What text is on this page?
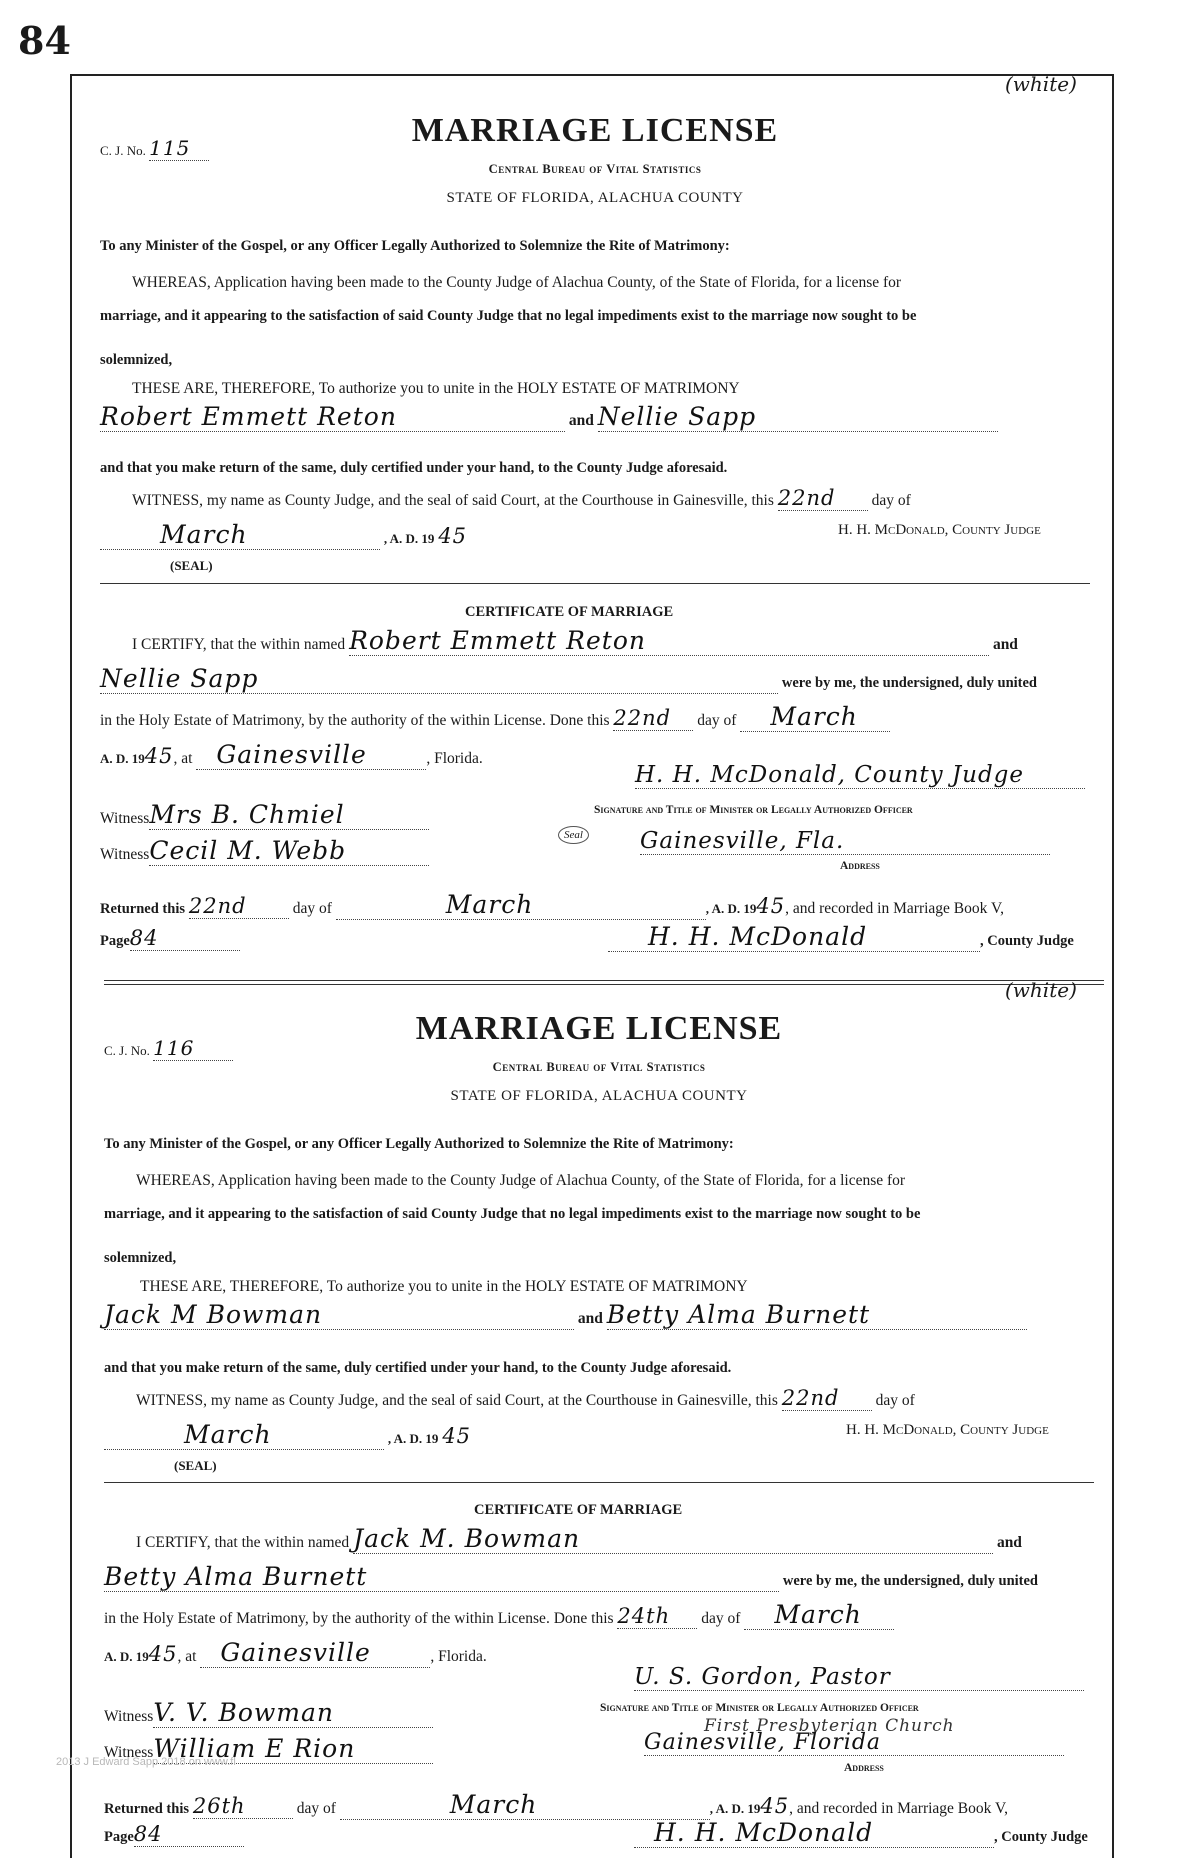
84
(white)
C. J. No. 115	MARRIAGE LICENSE
Central Bureau of Vital Statistics
STATE OF FLORIDA, ALACHUA COUNTY
To any Minister of the Gospel, or any Officer Legally Authorized to Solemnize the Rite of Matrimony:
WHEREAS, Application having been made to the County Judge of Alachua County, of the State of Florida, for a license for
marriage, and it appearing to the satisfaction of said County Judge that no legal impediments exist to the marriage now sought to be
solemnized,
THESE ARE, THEREFORE, To authorize you to unite in the HOLY ESTATE OF MATRIMONY
Robert Emmett Reton	and Nellie Sapp
and that you make return of the same, duly certified under your hand, to the County Judge aforesaid.
WITNESS, my name as County Judge, and the seal of said Court, at the Courthouse in Gainesville, this 22nd day of
March	, A. D. 19 45	H. H. McDonald, County Judge
(SEAL)
CERTIFICATE OF MARRIAGE
I CERTIFY, that the within named Robert Emmett Reton	and
Nellie Sapp	were by me, the undersigned, duly united
in the Holy Estate of Matrimony, by the authority of the within License. Done this 22nd day of March
A. D. 1945, at Gainesville	, Florida.
H. H. McDonald, County Judge
WitnessMrs B. Chmiel	Signature and Title of Minister or Legally Authorized Officer
WitnessCecil M. Webb
Seal Gainesville, Fla.
Address
Returned this 22nd	day of	March	, A. D. 1945, and recorded in Marriage Book V,
Page84	H. H. McDonald	, County Judge
(white)
C. J. No. 116
MARRIAGE LICENSE
Central Bureau of Vital Statistics
STATE OF FLORIDA, ALACHUA COUNTY
To any Minister of the Gospel, or any Officer Legally Authorized to Solemnize the Rite of Matrimony:
WHEREAS, Application having been made to the County Judge of Alachua County, of the State of Florida, for a license for
marriage, and it appearing to the satisfaction of said County Judge that no legal impediments exist to the marriage now sought to be
solemnized,
THESE ARE, THEREFORE, To authorize you to unite in the HOLY ESTATE OF MATRIMONY
Jack M Bowman	and Betty Alma Burnett
and that you make return of the same, duly certified under your hand, to the County Judge aforesaid.
WITNESS, my name as County Judge, and the seal of said Court, at the Courthouse in Gainesville, this 22nd day of
March	, A. D. 19 45	H. H. McDonald, County Judge
(SEAL)
CERTIFICATE OF MARRIAGE
I CERTIFY, that the within named Jack M. Bowman	and
Betty Alma Burnett	were by me, the undersigned, duly united
in the Holy Estate of Matrimony, by the authority of the within License. Done this 24th day of March
A. D. 1945, at Gainesville	, Florida.
U. S. Gordon, Pastor
WitnessV. V. Bowman	Signature and Title of Minister or Legally Authorized Officer
First Presbyterian Church
WitnessWilliam E Rion	Gainesville, Florida
Address
Returned this 26th	day of	March	, A. D. 1945, and recorded in Marriage Book V,
Page84	H. H. McDonald	, County Judge
2013 J Edward Sapp 2018 on www.fl
